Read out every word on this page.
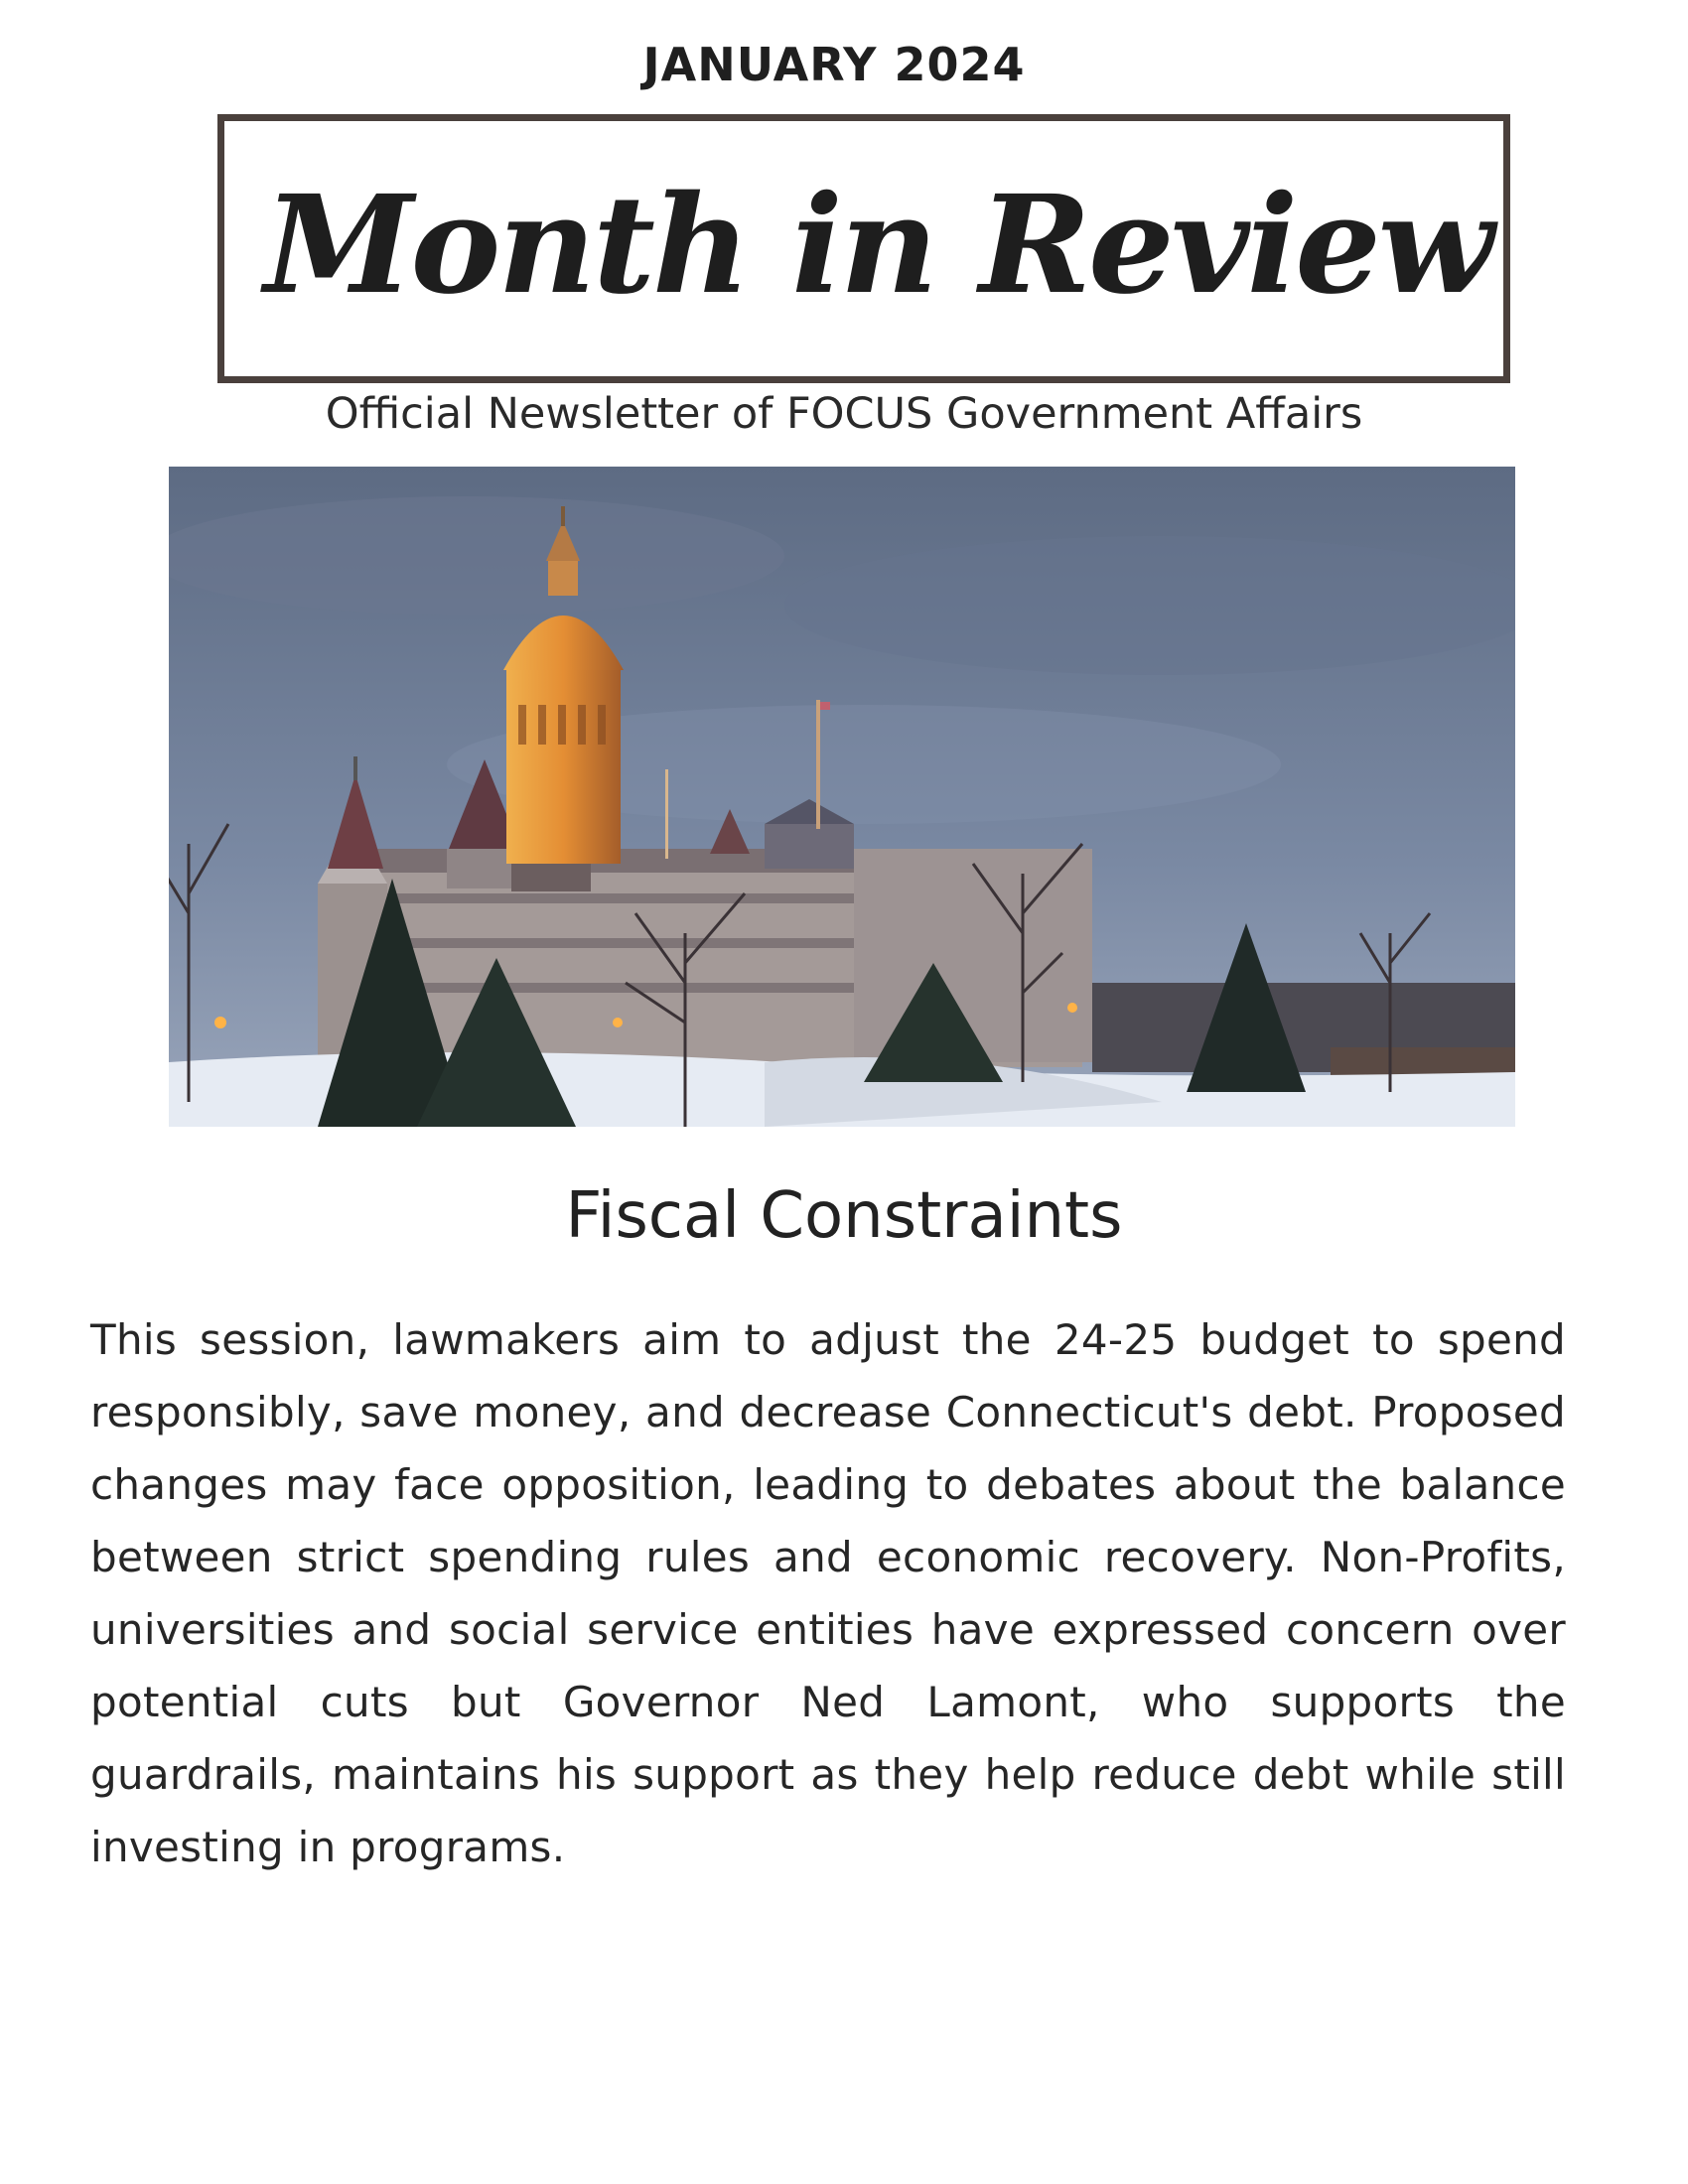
JANUARY 2024
Month in Review
Official Newsletter of FOCUS Government Affairs
Fiscal Constraints

This session, lawmakers aim to adjust the 24-25 budget to spend responsibly, save money, and decrease Connecticut's debt. Proposed changes may face opposition, leading to debates about the balance between strict spending rules and economic recovery. Non-Profits, universities and social service entities have expressed concern over potential cuts but Governor Ned Lamont, who supports the guardrails, maintains his support as they help reduce debt while still investing in programs.
